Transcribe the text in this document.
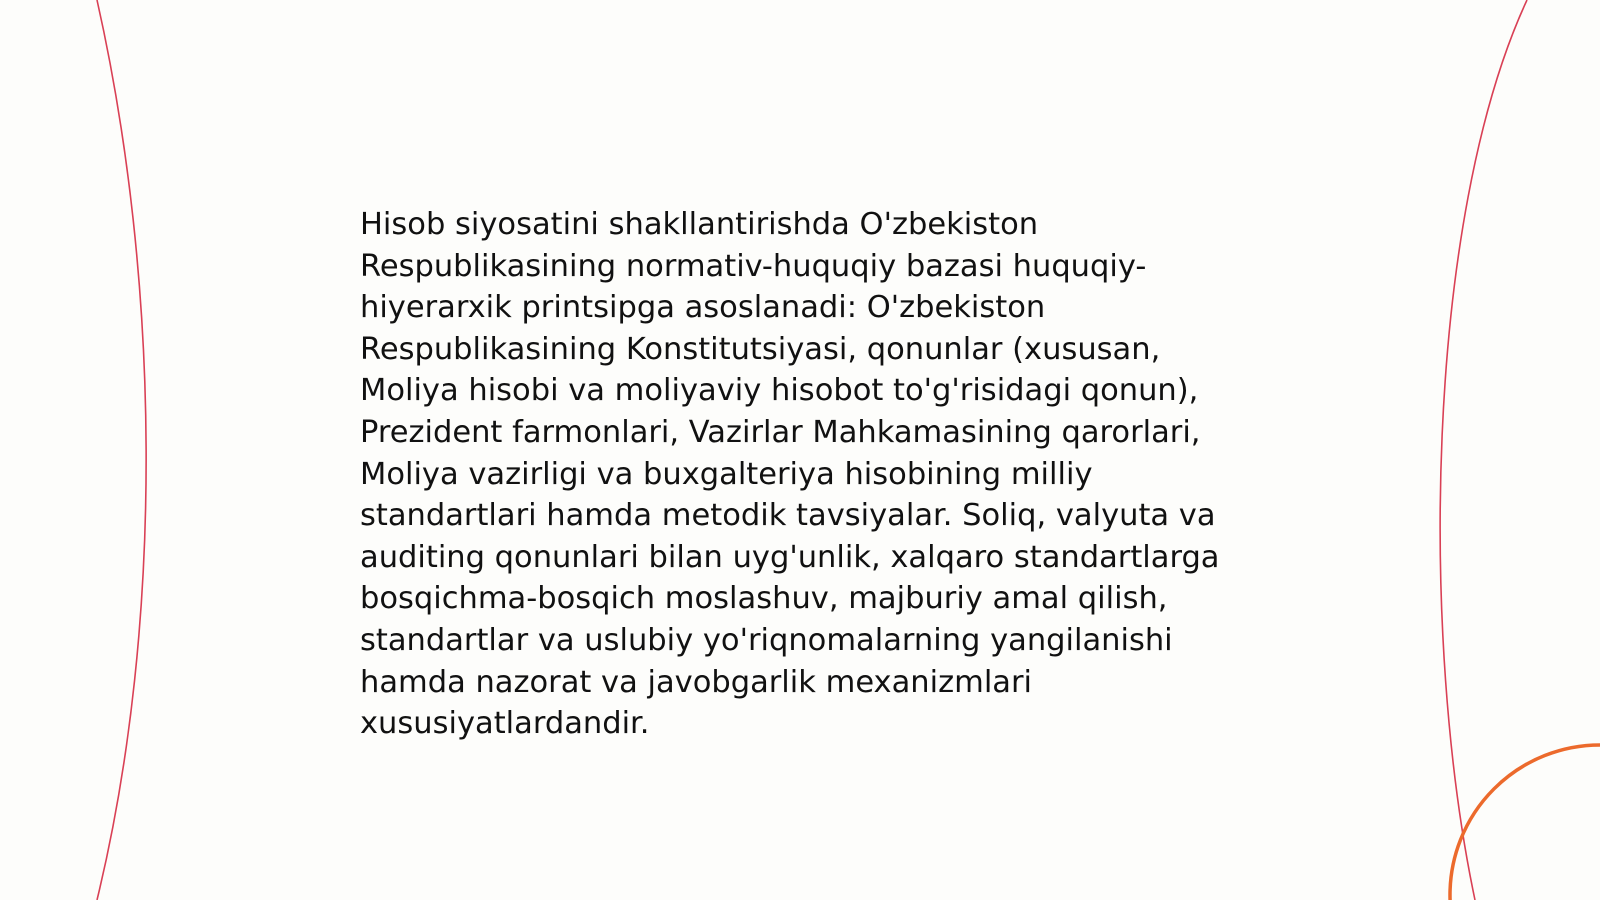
Hisob siyosatini shakllantirishda O'zbekiston Respublikasining normativ-huquqiy bazasi huquqiy-hiyerarxik printsipga asoslanadi: O'zbekiston Respublikasining Konstitutsiyasi, qonunlar (xususan, Moliya hisobi va moliyaviy hisobot to'g'risidagi qonun), Prezident farmonlari, Vazirlar Mahkamasining qarorlari, Moliya vazirligi va buxgalteriya hisobining milliy standartlari hamda metodik tavsiyalar. Soliq, valyuta va auditing qonunlari bilan uyg'unlik, xalqaro standartlarga bosqichma-bosqich moslashuv, majburiy amal qilish, standartlar va uslubiy yo'riqnomalarning yangilanishi hamda nazorat va javobgarlik mexanizmlari xususiyatlardandir.
